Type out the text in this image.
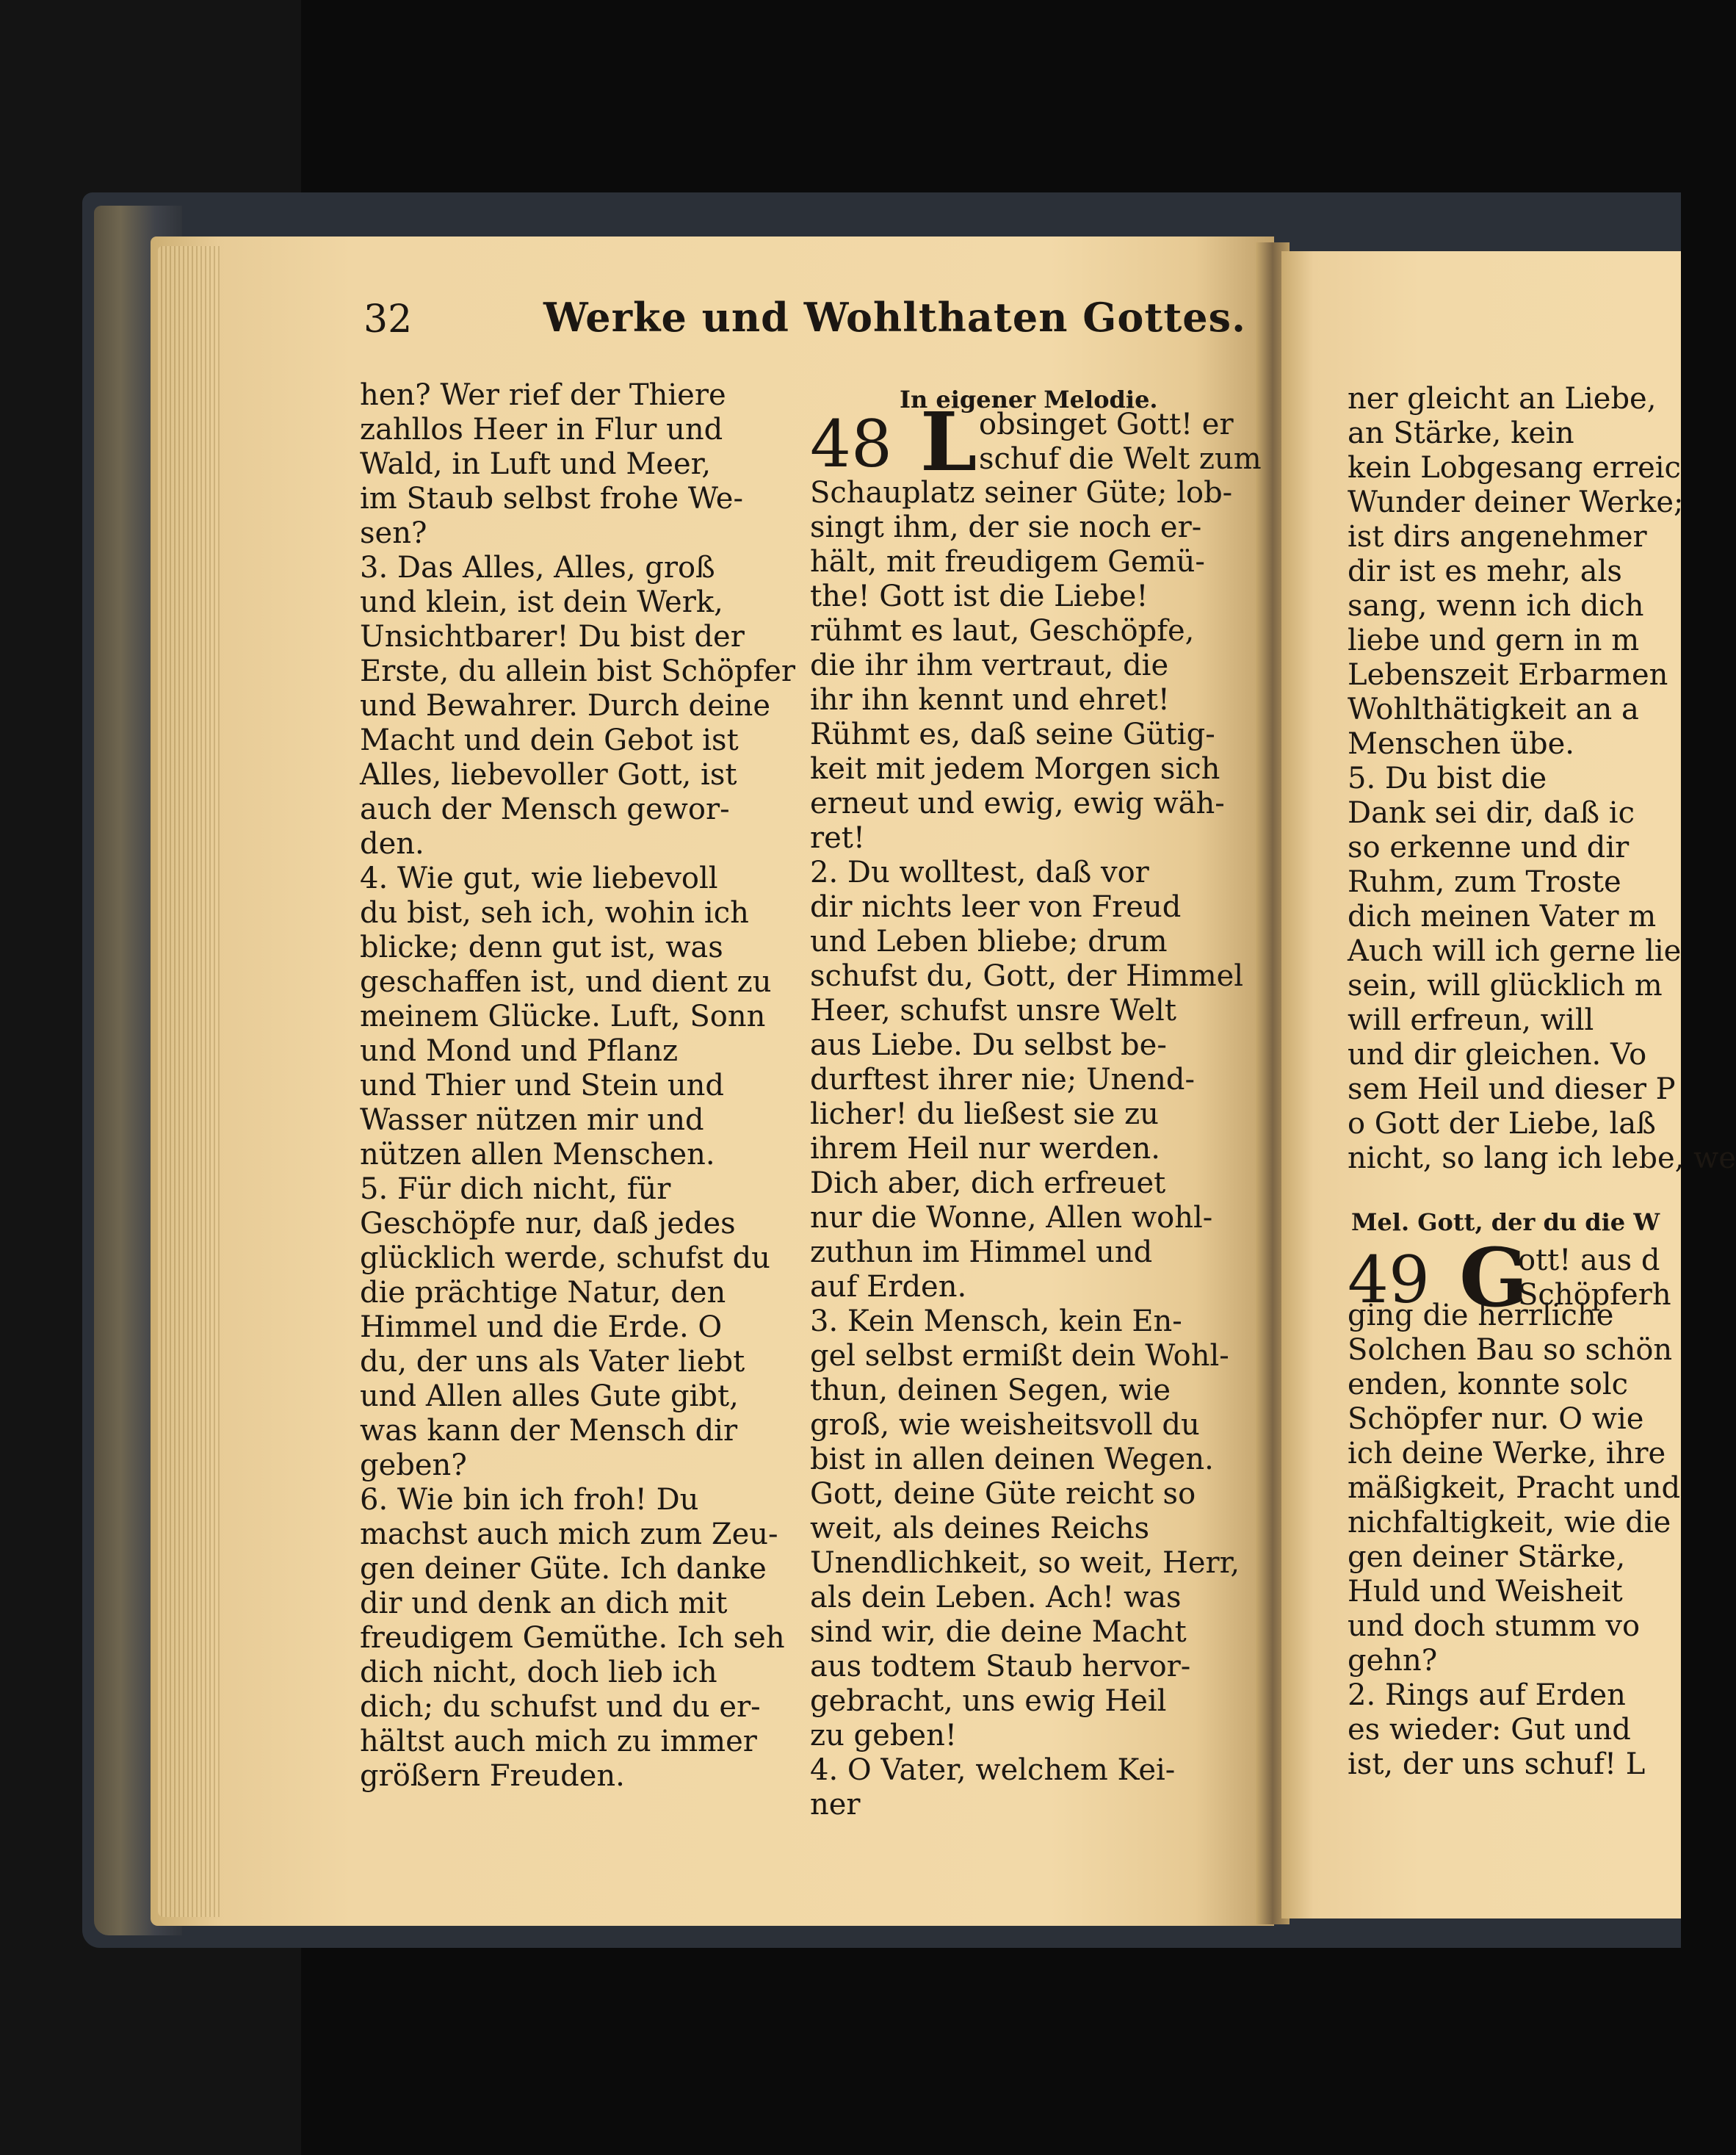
32	Werke und Wohlthaten Gottes.
hen? Wer rief der Thiere
zahllos Heer in Flur und
Wald, in Luft und Meer,
im Staub selbst frohe We-
sen?
3. Das Alles, Alles, groß
und klein, ist dein Werk,
Unsichtbarer! Du bist der
Erste, du allein bist Schöpfer
und Bewahrer. Durch deine
Macht und dein Gebot ist
Alles, liebevoller Gott, ist
auch der Mensch gewor-
den.
4. Wie gut, wie liebevoll
du bist, seh ich, wohin ich
blicke; denn gut ist, was
geschaffen ist, und dient zu
meinem Glücke. Luft, Sonn
und Mond und Pflanz
und Thier und Stein und
Wasser nützen mir und
nützen allen Menschen.
5. Für dich nicht, für
Geschöpfe nur, daß jedes
glücklich werde, schufst du
die prächtige Natur, den
Himmel und die Erde. O
du, der uns als Vater liebt
und Allen alles Gute gibt,
was kann der Mensch dir
geben?
6. Wie bin ich froh! Du
machst auch mich zum Zeu-
gen deiner Güte. Ich danke
dir und denk an dich mit
freudigem Gemüthe. Ich seh
dich nicht, doch lieb ich
dich; du schufst und du er-
hältst auch mich zu immer
größern Freuden.
In eigener Melodie.
48 L obsinget Gott! er
schuf die Welt zum
Schauplatz seiner Güte; lob-
singt ihm, der sie noch er-
hält, mit freudigem Gemü-
the! Gott ist die Liebe!
rühmt es laut, Geschöpfe,
die ihr ihm vertraut, die
ihr ihn kennt und ehret!
Rühmt es, daß seine Gütig-
keit mit jedem Morgen sich
erneut und ewig, ewig wäh-
ret!
2. Du wolltest, daß vor
dir nichts leer von Freud
und Leben bliebe; drum
schufst du, Gott, der Himmel
Heer, schufst unsre Welt
aus Liebe. Du selbst be-
durftest ihrer nie; Unend-
licher! du ließest sie zu
ihrem Heil nur werden.
Dich aber, dich erfreuet
nur die Wonne, Allen wohl-
zuthun im Himmel und
auf Erden.
3. Kein Mensch, kein En-
gel selbst ermißt dein Wohl-
thun, deinen Segen, wie
groß, wie weisheitsvoll du
bist in allen deinen Wegen.
Gott, deine Güte reicht so
weit, als deines Reichs
Unendlichkeit, so weit, Herr,
als dein Leben. Ach! was
sind wir, die deine Macht
aus todtem Staub hervor-
gebracht, uns ewig Heil
zu geben!
4. O Vater, welchem Kei-
ner
ner gleicht an Liebe,
an Stärke, kein
kein Lobgesang erreic
Wunder deiner Werke;
ist dirs angenehmer
dir ist es mehr, als
sang, wenn ich dich
liebe und gern in m
Lebenszeit Erbarmen
Wohlthätigkeit an a
Menschen übe.
5. Du bist die
Dank sei dir, daß ic
so erkenne und dir
Ruhm, zum Troste
dich meinen Vater m
Auch will ich gerne lie
sein, will glücklich m
will erfreun, will
und dir gleichen. Vo
sem Heil und dieser P
o Gott der Liebe, laß
nicht, so lang ich lebe, we
Mel. Gott, der du die W
49 G
ott! aus d
Schöpferh
ging die herrliche
Solchen Bau so schön
enden, konnte solc
Schöpfer nur. O wie
ich deine Werke, ihre
mäßigkeit, Pracht und
nichfaltigkeit, wie die
gen deiner Stärke,
Huld und Weisheit
und doch stumm vo
gehn?
2. Rings auf Erden
es wieder: Gut und
ist, der uns schuf! L
